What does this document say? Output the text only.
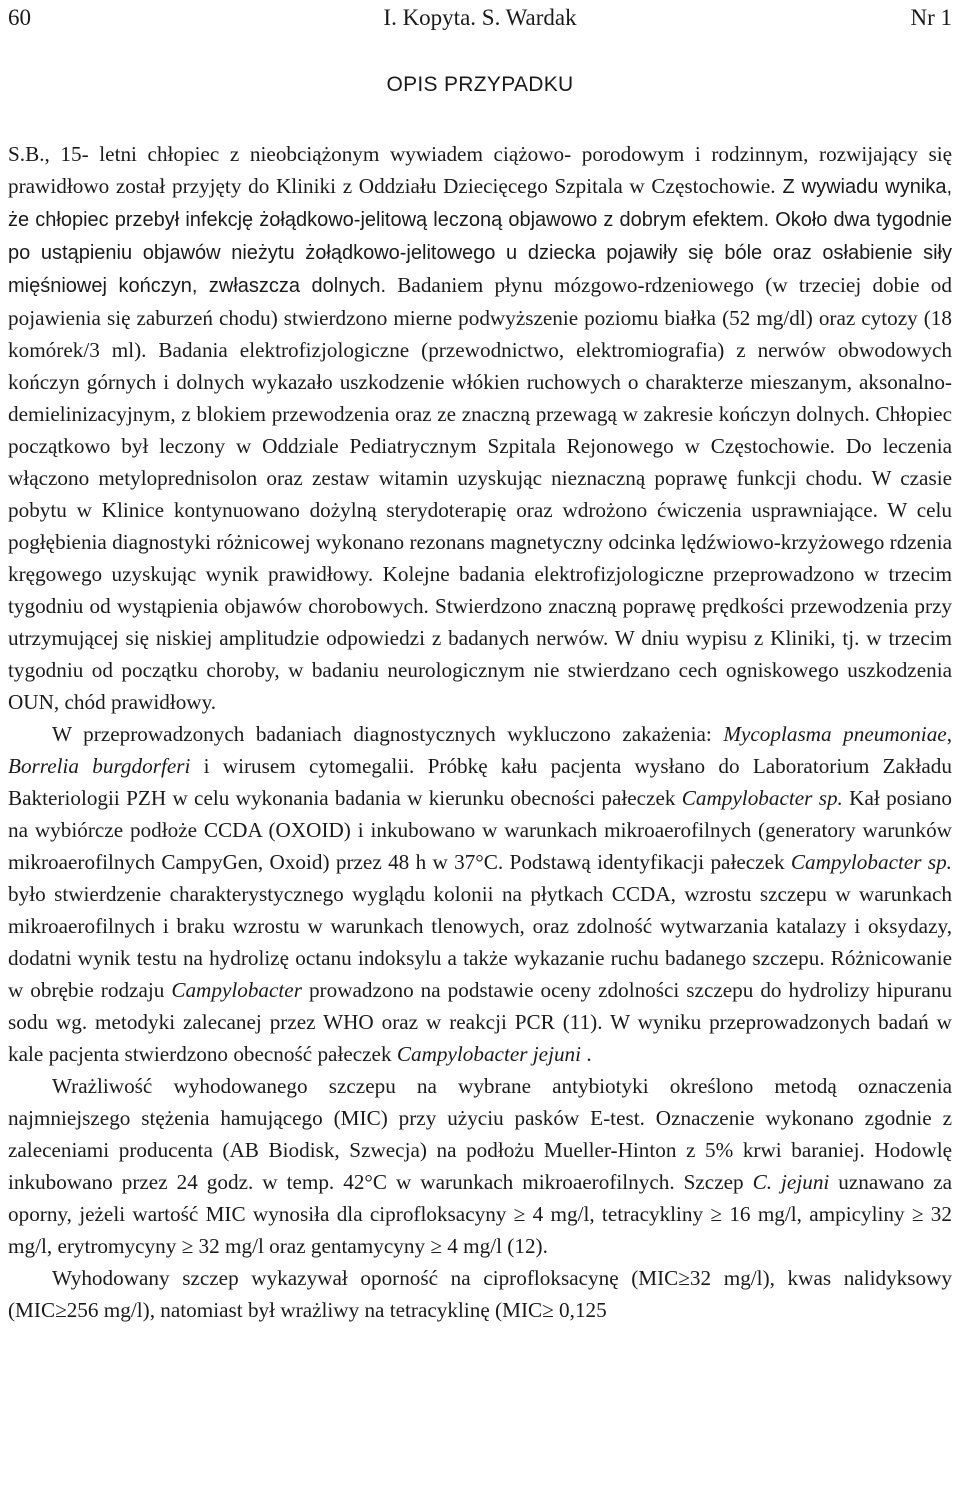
60	I. Kopyta. S. Wardak	Nr 1
OPIS PRZYPADKU

S.B., 15- letni chłopiec z nieobciążonym wywiadem ciążowo- porodowym i rodzinnym, rozwijający się prawidłowo został przyjęty do Kliniki z Oddziału Dziecięcego Szpitala w Częstochowie. Z wywiadu wynika, że chłopiec przebył infekcję żołądkowo-jelitową leczoną objawowo z dobrym efektem. Około dwa tygodnie po ustąpieniu objawów nieżytu żołądkowo-jelitowego u dziecka pojawiły się bóle oraz osłabienie siły mięśniowej kończyn, zwłaszcza dolnych. Badaniem płynu mózgowo-rdzeniowego (w trzeciej dobie od pojawienia się zaburzeń chodu) stwierdzono mierne podwyższenie poziomu białka (52 mg/dl) oraz cytozy (18 komórek/3 ml). Badania elektrofizjologiczne (przewodnictwo, elektromiografia) z nerwów obwodowych kończyn górnych i dolnych wykazało uszkodzenie włókien ruchowych o charakterze mieszanym, aksonalno-demielinizacyjnym, z blokiem przewodzenia oraz ze znaczną przewagą w zakresie kończyn dolnych. Chłopiec początkowo był leczony w Oddziale Pediatrycznym Szpitala Rejonowego w Częstochowie. Do leczenia włączono metyloprednisolon oraz zestaw witamin uzyskując nieznaczną poprawę funkcji chodu. W czasie pobytu w Klinice kontynuowano dożylną sterydoterapię oraz wdrożono ćwiczenia usprawniające. W celu pogłębienia diagnostyki różnicowej wykonano rezonans magnetyczny odcinka lędźwiowo-krzyżowego rdzenia kręgowego uzyskując wynik prawidłowy. Kolejne badania elektrofizjologiczne przeprowadzono w trzecim tygodniu od wystąpienia objawów chorobowych. Stwierdzono znaczną poprawę prędkości przewodzenia przy utrzymującej się niskiej amplitudzie odpowiedzi z badanych nerwów. W dniu wypisu z Kliniki, tj. w trzecim tygodniu od początku choroby, w badaniu neurologicznym nie stwierdzano cech ogniskowego uszkodzenia OUN, chód prawidłowy.

W przeprowadzonych badaniach diagnostycznych wykluczono zakażenia: Mycoplasma pneumoniae, Borrelia burgdorferi i wirusem cytomegalii. Próbkę kału pacjenta wysłano do Laboratorium Zakładu Bakteriologii PZH w celu wykonania badania w kierunku obecności pałeczek Campylobacter sp. Kał posiano na wybiórcze podłoże CCDA (OXOID) i inkubowano w warunkach mikroaerofilnych (generatory warunków mikroaerofilnych CampyGen, Oxoid) przez 48 h w 37°C. Podstawą identyfikacji pałeczek Campylobacter sp. było stwierdzenie charakterystycznego wyglądu kolonii na płytkach CCDA, wzrostu szczepu w warunkach mikroaerofilnych i braku wzrostu w warunkach tlenowych, oraz zdolność wytwarzania katalazy i oksydazy, dodatni wynik testu na hydrolizę octanu indoksylu a także wykazanie ruchu badanego szczepu. Różnicowanie w obrębie rodzaju Campylobacter prowadzono na podstawie oceny zdolności szczepu do hydrolizy hipuranu sodu wg. metodyki zalecanej przez WHO oraz w reakcji PCR (11). W wyniku przeprowadzonych badań w kale pacjenta stwierdzono obecność pałeczek Campylobacter jejuni .

Wrażliwość wyhodowanego szczepu na wybrane antybiotyki określono metodą oznaczenia najmniejszego stężenia hamującego (MIC) przy użyciu pasków E-test. Oznaczenie wykonano zgodnie z zaleceniami producenta (AB Biodisk, Szwecja) na podłożu Mueller-Hinton z 5% krwi baraniej. Hodowlę inkubowano przez 24 godz. w temp. 42°C w warunkach mikroaerofilnych. Szczep C. jejuni uznawano za oporny, jeżeli wartość MIC wynosiła dla ciprofloksacyny ≥ 4 mg/l, tetracykliny ≥ 16 mg/l, ampicyliny ≥ 32 mg/l, erytromycyny ≥ 32 mg/l oraz gentamycyny ≥ 4 mg/l (12).

Wyhodowany szczep wykazywał oporność na ciprofloksacynę (MIC≥32 mg/l), kwas nalidyksowy (MIC≥256 mg/l), natomiast był wrażliwy na tetracyklinę (MIC≥ 0,125
